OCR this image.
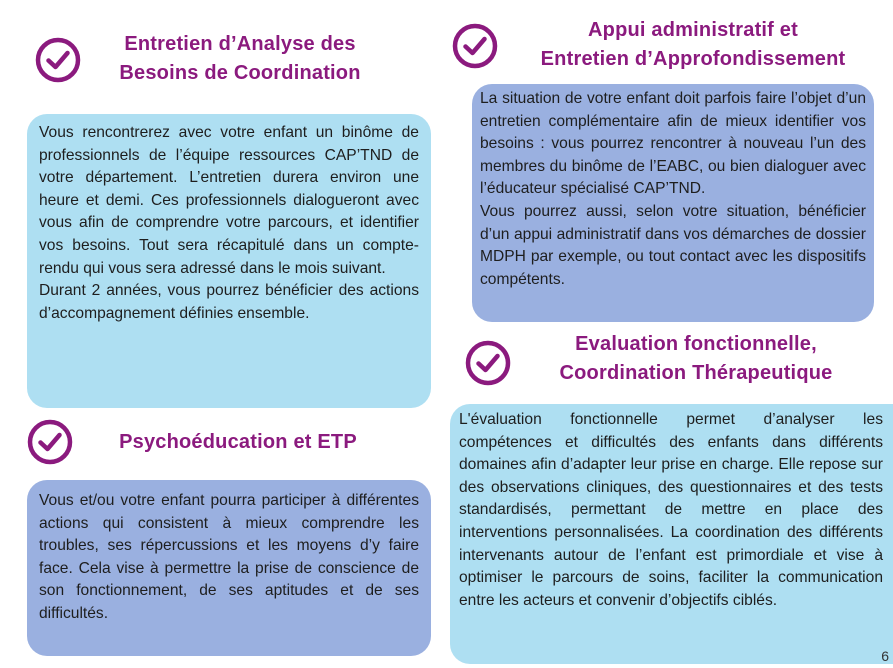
Entretien d’Analyse des
Besoins de Coordination

Vous rencontrerez avec votre enfant un binôme de professionnels de l’équipe ressources CAP’TND de votre département. L’entretien durera environ une heure et demi. Ces professionnels dialogueront avec vous afin de comprendre votre parcours, et identifier vos besoins. Tout sera récapitulé dans un compte-rendu qui vous sera adressé dans le mois suivant.

Durant 2 années, vous pourrez bénéficier des actions d’accompagnement définies ensemble.

Psychoéducation et ETP

Vous et/ou votre enfant pourra participer à différentes actions qui consistent à mieux comprendre les troubles, ses répercussions et les moyens d’y faire face. Cela vise à permettre la prise de conscience de son fonctionnement, de ses aptitudes et de ses difficultés.

Appui administratif et
Entretien d’Approfondissement

La situation de votre enfant doit parfois faire l’objet d’un entretien complémentaire afin de mieux identifier vos besoins : vous pourrez rencontrer à nouveau l’un des membres du binôme de l’EABC, ou bien dialoguer avec l’éducateur spécialisé CAP’TND.

Vous pourrez aussi, selon votre situation, bénéficier d’un appui administratif dans vos démarches de dossier MDPH par exemple, ou tout contact avec les dispositifs compétents.

Evaluation fonctionnelle,
Coordination Thérapeutique

L'évaluation fonctionnelle permet d’analyser les compétences et difficultés des enfants dans différents domaines afin d’adapter leur prise en charge. Elle repose sur des observations cliniques, des questionnaires et des tests standardisés, permettant de mettre en place des interventions personnalisées. La coordination des différents intervenants autour de l’enfant est primordiale et vise à optimiser le parcours de soins, faciliter la communication entre les acteurs et convenir d’objectifs ciblés.

6
